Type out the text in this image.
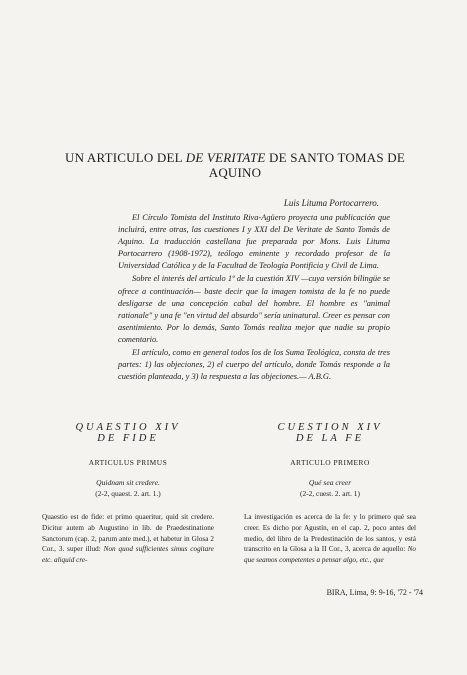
UN ARTICULO DEL DE VERITATE DE SANTO TOMAS DE
AQUINO
Luis Lituma Portocarrero.

El Círculo Tomista del Instituto Riva-Agüero proyecta una publicación que incluirá, entre otras, las cuestiones I y XXI del De Veritate de Santo Tomás de Aquino. La traducción castellana fue preparada por Mons. Luis Lituma Portocarrero (1908-1972), teólogo eminente y recordado profesor de la Universidad Católica y de la Facultad de Teología Pontificia y Civil de Lima.

Sobre el interés del artículo 1º de la cuestión XIV —cuya versión bilingüe se ofrece a continuación— baste decir que la imagen tomista de la fe no puede desligarse de una concepción cabal del hombre. El hombre es "animal rationale" y una fe "en virtud del absurdo" sería uninatural. Creer es pensar con asentimiento. Por lo demás, Santo Tomás realiza mejor que nadie su propio comentario.

El artículo, como en general todos los de los Suma Teológica, consta de tres partes: 1) las objeciones, 2) el cuerpo del artículo, donde Tomás responde a la cuestión planteada, y 3) la respuesta a las objeciones.— A.B.G.

QUAESTIO XIV
DE FIDE
ARTICULUS PRIMUS
Quidnam sit credere.
(2-2, quaest. 2. art. 1.)
Quaestio est de fide: et primo quaeritur, quid sit credere. Dicitur autem ab Augustino in lib. de Praedestinatione Sanctorum (cap. 2, parum ante med.), et habetur in Glosa 2 Cor., 3. super illud: Non quod sufficientes simus cogitare etc. aliquid cre-
CUESTION XIV
DE LA FE
ARTICULO PRIMERO
Qué sea creer
(2-2, cuest. 2. art. 1)
La investigación es acerca de la fe: y lo primero qué sea creer. Es dicho por Agustín, en el cap. 2, poco antes del medio, del libro de la Predestinación de los santos, y está transcrito en la Glosa a la II Cor., 3, acerca de aquello: No que seamos competentes a pensar algo, etc., que
BIRA, Lima, 9: 9-16, '72 - '74
